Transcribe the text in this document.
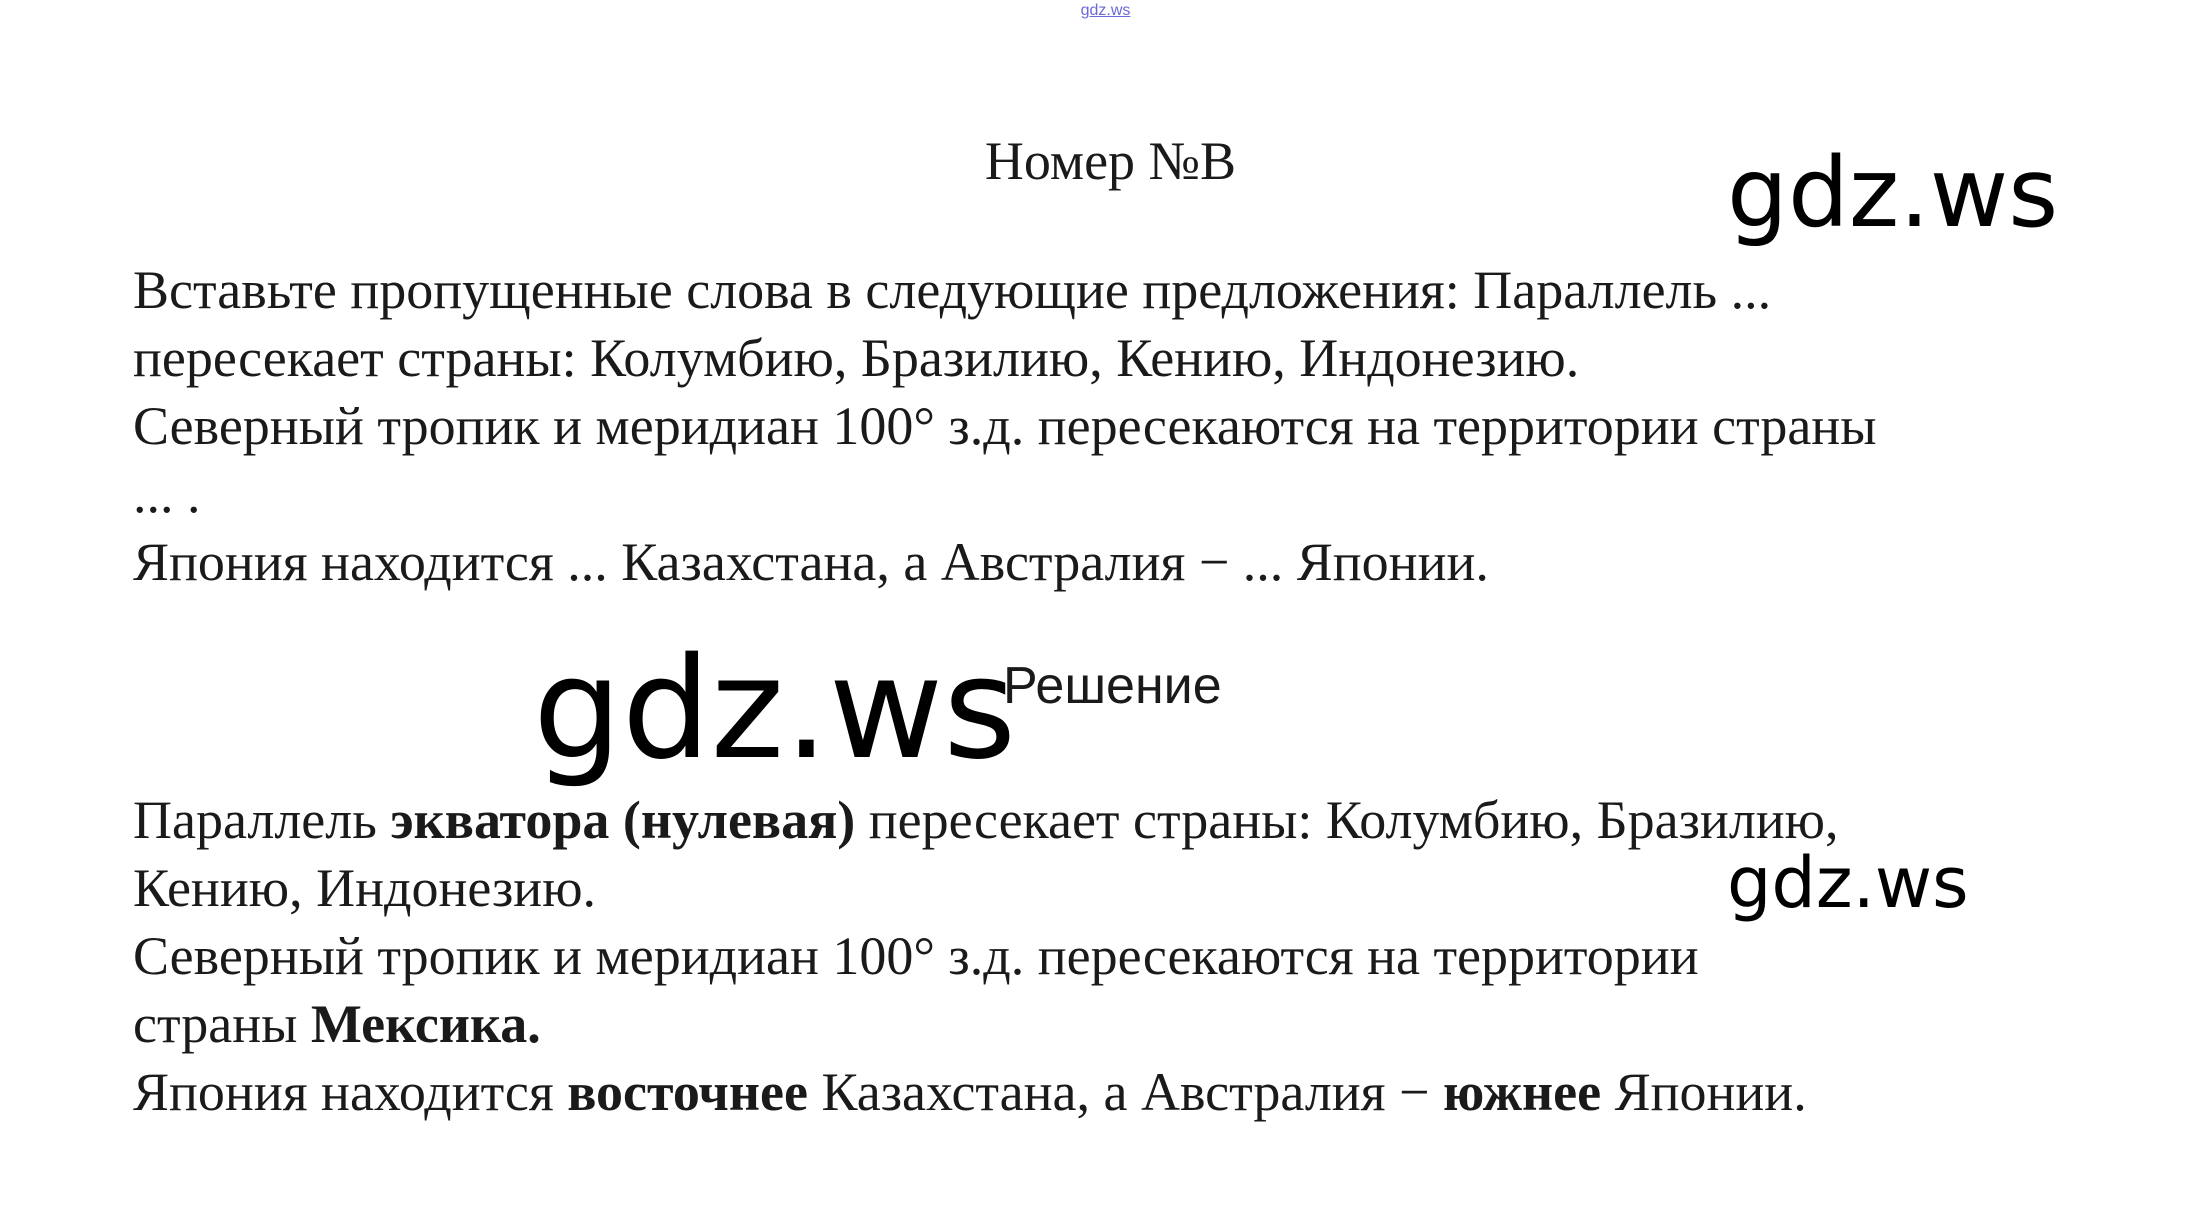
gdz.ws
Номер №В	gdz.ws
gdz.ws
gdz.ws
Вставьте пропущенные слова в следующие предложения: Параллель ...
пересекает страны: Колумбию, Бразилию, Кению, Индонезию.
Северный тропик и меридиан 100° з.д. пересекаются на территории страны
... .
Япония находится ... Казахстана, а Австралия − ... Японии.
Решение
Параллель экватора (нулевая) пересекает страны: Колумбию, Бразилию,
Кению, Индонезию.
Северный тропик и меридиан 100° з.д. пересекаются на территории
страны Мексика.
Япония находится восточнее Казахстана, а Австралия − южнее Японии.
